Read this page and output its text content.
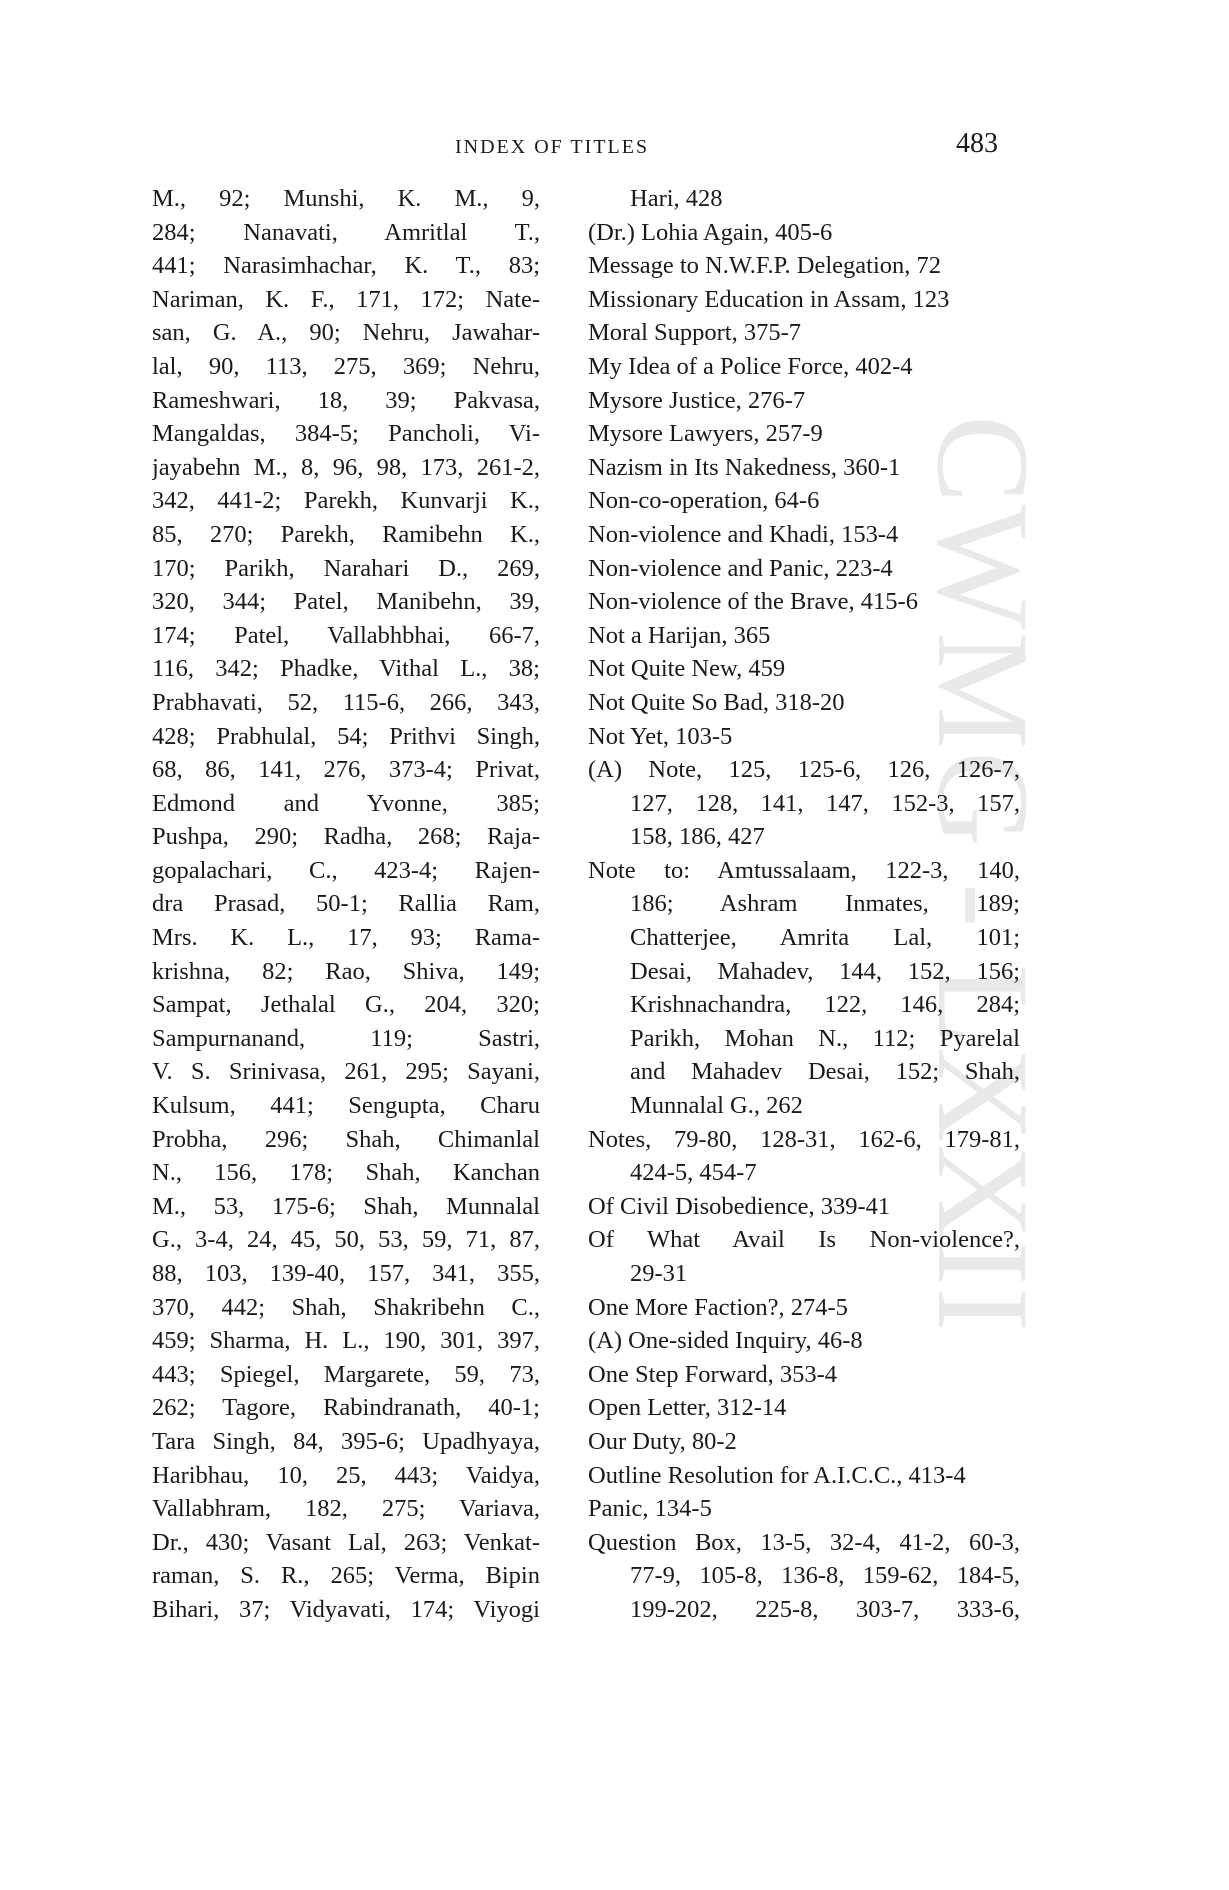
CWMG - LXXII
INDEX OF TITLES	483
M., 92; Munshi, K. M., 9,
284; Nanavati, Amritlal T.,
441; Narasimhachar, K. T., 83;
Nariman, K. F., 171, 172; Nate-
san, G. A., 90; Nehru, Jawahar-
lal, 90, 113, 275, 369; Nehru,
Rameshwari, 18, 39; Pakvasa,
Mangaldas, 384-5; Pancholi, Vi-
jayabehn M., 8, 96, 98, 173, 261-2,
342, 441-2; Parekh, Kunvarji K.,
85, 270; Parekh, Ramibehn K.,
170; Parikh, Narahari D., 269,
320, 344; Patel, Manibehn, 39,
174; Patel, Vallabhbhai, 66-7,
116, 342; Phadke, Vithal L., 38;
Prabhavati, 52, 115-6, 266, 343,
428; Prabhulal, 54; Prithvi Singh,
68, 86, 141, 276, 373-4; Privat,
Edmond and Yvonne, 385;
Pushpa, 290; Radha, 268; Raja-
gopalachari, C., 423-4; Rajen-
dra Prasad, 50-1; Rallia Ram,
Mrs. K. L., 17, 93; Rama-
krishna, 82; Rao, Shiva, 149;
Sampat, Jethalal G., 204, 320;
Sampurnanand, 119; Sastri,
V. S. Srinivasa, 261, 295; Sayani,
Kulsum, 441; Sengupta, Charu
Probha, 296; Shah, Chimanlal
N., 156, 178; Shah, Kanchan
M., 53, 175-6; Shah, Munnalal
G., 3-4, 24, 45, 50, 53, 59, 71, 87,
88, 103, 139-40, 157, 341, 355,
370, 442; Shah, Shakribehn C.,
459; Sharma, H. L., 190, 301, 397,
443; Spiegel, Margarete, 59, 73,
262; Tagore, Rabindranath, 40-1;
Tara Singh, 84, 395-6; Upadhyaya,
Haribhau, 10, 25, 443; Vaidya,
Vallabhram, 182, 275; Variava,
Dr., 430; Vasant Lal, 263; Venkat-
raman, S. R., 265; Verma, Bipin
Bihari, 37; Vidyavati, 174; Viyogi
Hari, 428
(Dr.) Lohia Again, 405-6
Message to N.W.F.P. Delegation, 72
Missionary Education in Assam, 123
Moral Support, 375-7
My Idea of a Police Force, 402-4
Mysore Justice, 276-7
Mysore Lawyers, 257-9
Nazism in Its Nakedness, 360-1
Non-co-operation, 64-6
Non-violence and Khadi, 153-4
Non-violence and Panic, 223-4
Non-violence of the Brave, 415-6
Not a Harijan, 365
Not Quite New, 459
Not Quite So Bad, 318-20
Not Yet, 103-5
(A) Note, 125, 125-6, 126, 126-7,
127, 128, 141, 147, 152-3, 157,
158, 186, 427
Note to: Amtussalaam, 122-3, 140,
186; Ashram Inmates, 189;
Chatterjee, Amrita Lal, 101;
Desai, Mahadev, 144, 152, 156;
Krishnachandra, 122, 146, 284;
Parikh, Mohan N., 112; Pyarelal
and Mahadev Desai, 152; Shah,
Munnalal G., 262
Notes, 79-80, 128-31, 162-6, 179-81,
424-5, 454-7
Of Civil Disobedience, 339-41
Of What Avail Is Non-violence?,
29-31
One More Faction?, 274-5
(A) One-sided Inquiry, 46-8
One Step Forward, 353-4
Open Letter, 312-14
Our Duty, 80-2
Outline Resolution for A.I.C.C., 413-4
Panic, 134-5
Question Box, 13-5, 32-4, 41-2, 60-3,
77-9, 105-8, 136-8, 159-62, 184-5,
199-202, 225-8, 303-7, 333-6,
